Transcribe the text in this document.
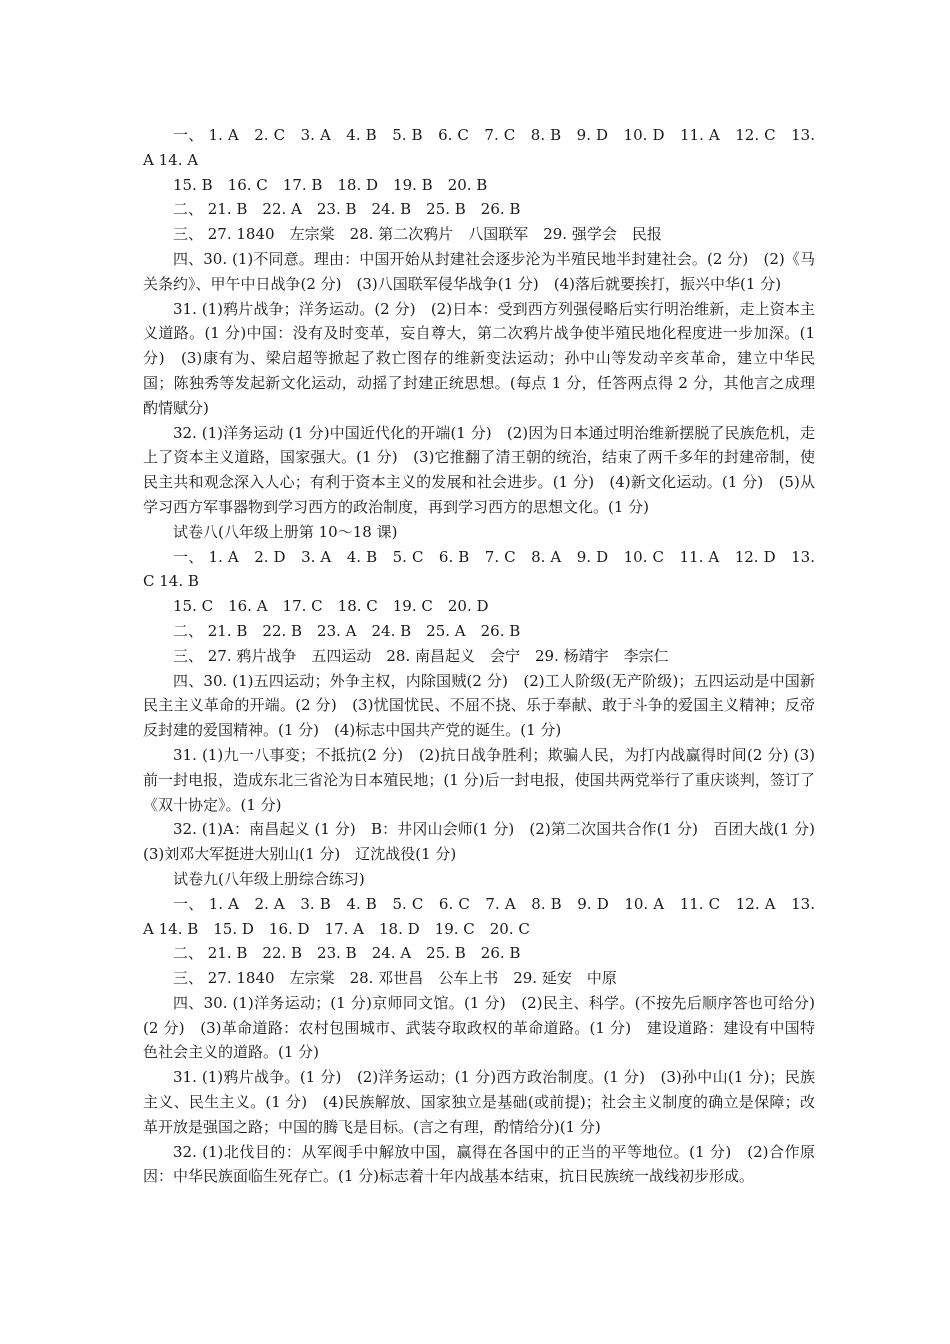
一、 1. A　2. C　3. A　4. B　5. B　6. C　7. C　8. B　9. D　10. D　11. A　12. C　13. A 14. A

15. B　16. C　17. B　18. D　19. B　20. B

二、 21. B　22. A　23. B　24. B　25. B　26. B

三、 27. 1840　左宗棠　28. 第二次鸦片　八国联军　29. 强学会　民报

四、30. (1)不同意。理由：中国开始从封建社会逐步沦为半殖民地半封建社会。(2 分)　(2)《马关条约》、甲午中日战争(2 分)　(3)八国联军侵华战争(1 分)　(4)落后就要挨打，振兴中华(1 分)

31. (1)鸦片战争；洋务运动。(2 分)　(2)日本：受到西方列强侵略后实行明治维新，走上资本主义道路。(1 分)中国：没有及时变革，妄自尊大，第二次鸦片战争使半殖民地化程度进一步加深。(1 分)　(3)康有为、梁启超等掀起了救亡图存的维新变法运动；孙中山等发动辛亥革命，建立中华民国；陈独秀等发起新文化运动，动摇了封建正统思想。(每点 1 分，任答两点得 2 分，其他言之成理酌情赋分)

32. (1)洋务运动 (1 分)中国近代化的开端(1 分)　(2)因为日本通过明治维新摆脱了民族危机，走上了资本主义道路，国家强大。(1 分)　(3)它推翻了清王朝的统治，结束了两千多年的封建帝制，使民主共和观念深入人心；有利于资本主义的发展和社会进步。(1 分)　(4)新文化运动。(1 分)　(5)从学习西方军事器物到学习西方的政治制度，再到学习西方的思想文化。(1 分)

试卷八(八年级上册第 10～18 课)

一、 1. A　2. D　3. A　4. B　5. C　6. B　7. C　8. A　9. D　10. C　11. A　12. D　13. C 14. B

15. C　16. A　17. C　18. C　19. C　20. D

二、 21. B　22. B　23. A　24. B　25. A　26. B

三、 27. 鸦片战争　五四运动　28. 南昌起义　会宁　29. 杨靖宇　李宗仁

四、30. (1)五四运动；外争主权，内除国贼(2 分)　(2)工人阶级(无产阶级)；五四运动是中国新民主主义革命的开端。(2 分)　(3)忧国忧民、不屈不挠、乐于奉献、敢于斗争的爱国主义精神；反帝反封建的爱国精神。(1 分)　(4)标志中国共产党的诞生。(1 分)

31. (1)九一八事变；不抵抗(2 分)　(2)抗日战争胜利；欺骗人民，为打内战赢得时间(2 分) (3)前一封电报，造成东北三省沦为日本殖民地；(1 分)后一封电报，使国共两党举行了重庆谈判，签订了《双十协定》。(1 分)

32. (1)A：南昌起义 (1 分)　B：井冈山会师(1 分)　(2)第二次国共合作(1 分)　百团大战(1 分)　(3)刘邓大军挺进大别山(1 分)　辽沈战役(1 分)

试卷九(八年级上册综合练习)

一、 1. A　2. A　3. B　4. B　5. C　6. C　7. A　8. B　9. D　10. A　11. C　12. A　13. A 14. B　15. D　16. D　17. A　18. D　19. C　20. C

二、 21. B　22. B　23. B　24. A　25. B　26. B

三、 27. 1840　左宗棠　28. 邓世昌　公车上书　29. 延安　中原

四、30. (1)洋务运动；(1 分)京师同文馆。(1 分)　(2)民主、科学。(不按先后顺序答也可给分)(2 分)　(3)革命道路：农村包围城市、武装夺取政权的革命道路。(1 分)　建设道路：建设有中国特色社会主义的道路。(1 分)

31. (1)鸦片战争。(1 分)　(2)洋务运动；(1 分)西方政治制度。(1 分)　(3)孙中山(1 分)；民族主义、民生主义。(1 分)　(4)民族解放、国家独立是基础(或前提)；社会主义制度的确立是保障；改革开放是强国之路；中国的腾飞是目标。(言之有理，酌情给分)(1 分)

32. (1)北伐目的：从军阀手中解放中国，赢得在各国中的正当的平等地位。(1 分)　(2)合作原因：中华民族面临生死存亡。(1 分)标志着十年内战基本结束，抗日民族统一战线初步形成。
